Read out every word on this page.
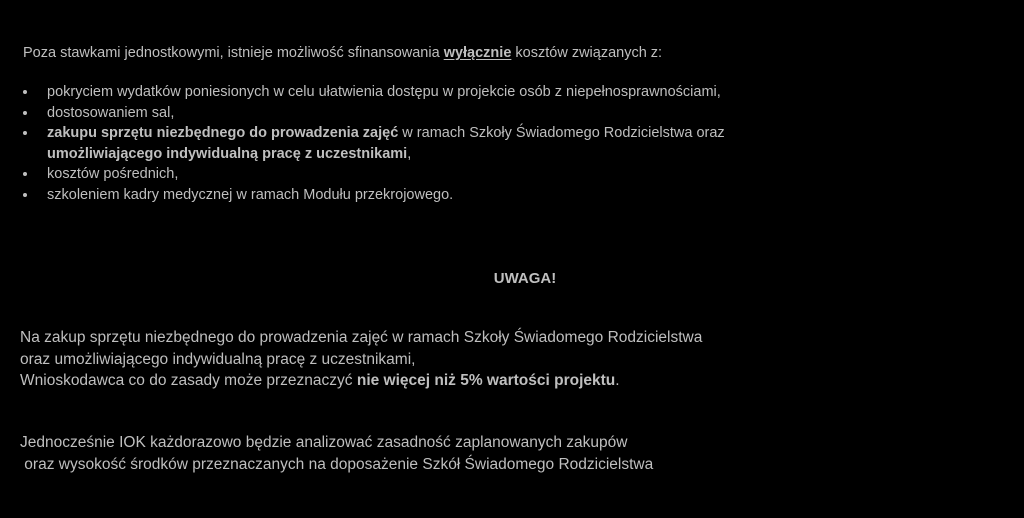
Poza stawkami jednostkowymi, istnieje możliwość sfinansowania wyłącznie kosztów związanych z:
pokryciem wydatków poniesionych w celu ułatwienia dostępu w projekcie osób z niepełnosprawnościami,
dostosowaniem sal,
zakupu sprzętu niezbędnego do prowadzenia zajęć w ramach Szkoły Świadomego Rodzicielstwa oraz
umożliwiającego indywidualną pracę z uczestnikami,
kosztów pośrednich,
szkoleniem kadry medycznej w ramach Modułu przekrojowego.
UWAGA!
Na zakup sprzętu niezbędnego do prowadzenia zajęć w ramach Szkoły Świadomego Rodzicielstwa
oraz umożliwiającego indywidualną pracę z uczestnikami,
Wnioskodawca co do zasady może przeznaczyć nie więcej niż 5% wartości projektu.
Jednocześnie IOK każdorazowo będzie analizować zasadność zaplanowanych zakupów
oraz wysokość środków przeznaczanych na doposażenie Szkół Świadomego Rodzicielstwa
